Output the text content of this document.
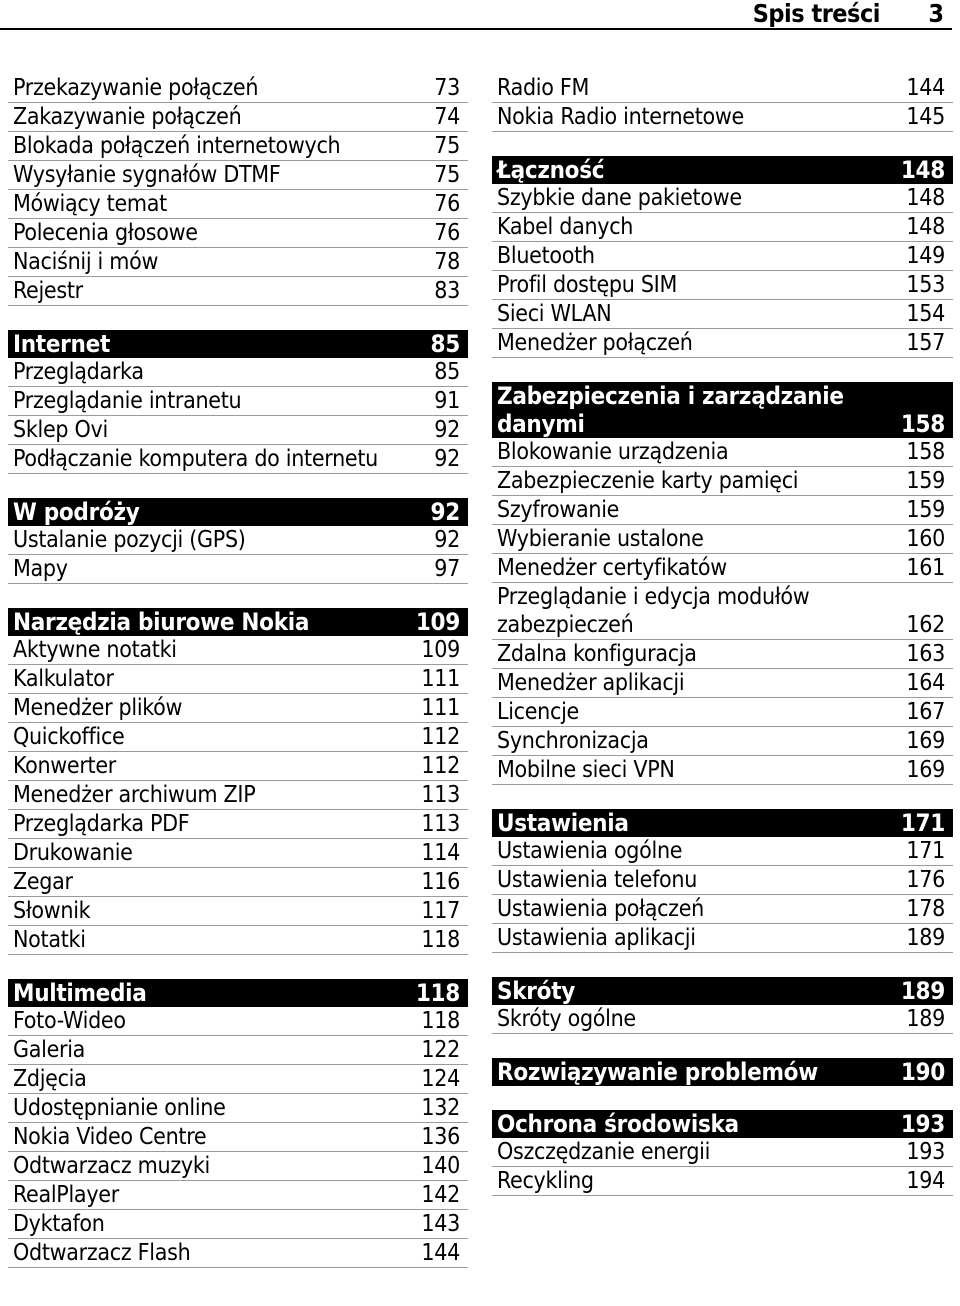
Spis treści 3
Przekazywanie połączeń	73
Zakazywanie połączeń	74
Blokada połączeń internetowych	75
Wysyłanie sygnałów DTMF	75
Mówiący temat	76
Polecenia głosowe	76
Naciśnij i mów	78
Rejestr	83
Internet	85
Przeglądarka	85
Przeglądanie intranetu	91
Sklep Ovi	92
Podłączanie komputera do internetu	92
W podróży	92
Ustalanie pozycji (GPS)	92
Mapy	97
Narzędzia biurowe Nokia	109
Aktywne notatki	109
Kalkulator	111
Menedżer plików	111
Quickoffice	112
Konwerter	112
Menedżer archiwum ZIP	113
Przeglądarka PDF	113
Drukowanie	114
Zegar	116
Słownik	117
Notatki	118
Multimedia	118
Foto-Wideo	118
Galeria	122
Zdjęcia	124
Udostępnianie online	132
Nokia Video Centre	136
Odtwarzacz muzyki	140
RealPlayer	142
Dyktafon	143
Odtwarzacz Flash	144
Radio FM	144
Nokia Radio internetowe	145
Łączność	148
Szybkie dane pakietowe	148
Kabel danych	148
Bluetooth	149
Profil dostępu SIM	153
Sieci WLAN	154
Menedżer połączeń	157
Zabezpieczenia i zarządzanie danymi	158
Blokowanie urządzenia	158
Zabezpieczenie karty pamięci	159
Szyfrowanie	159
Wybieranie ustalone	160
Menedżer certyfikatów	161
Przeglądanie i edycja modułów zabezpieczeń	162
Zdalna konfiguracja	163
Menedżer aplikacji	164
Licencje	167
Synchronizacja	169
Mobilne sieci VPN	169
Ustawienia	171
Ustawienia ogólne	171
Ustawienia telefonu	176
Ustawienia połączeń	178
Ustawienia aplikacji	189
Skróty	189
Skróty ogólne	189
Rozwiązywanie problemów	190
Ochrona środowiska	193
Oszczędzanie energii	193
Recykling	194
